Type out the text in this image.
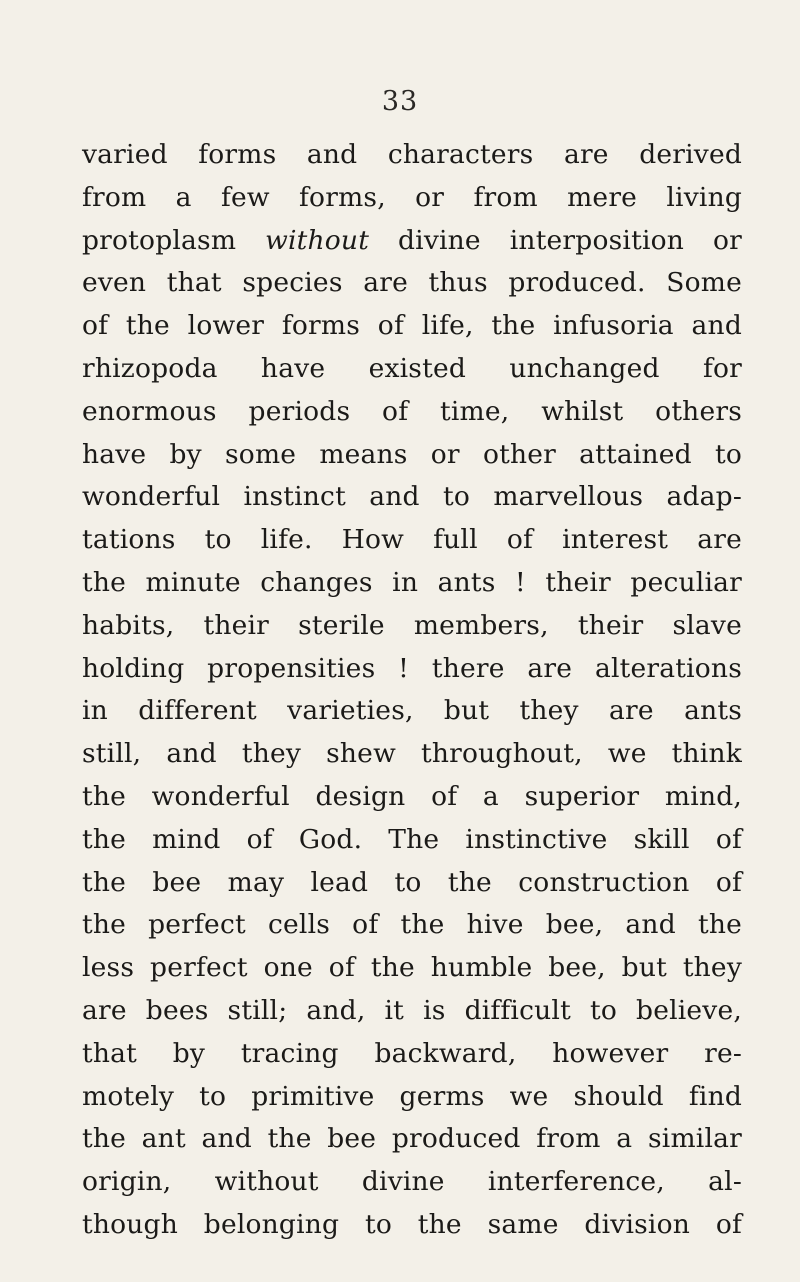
33
varied forms and characters are derived
from a few forms, or from mere living
protoplasm without divine interposition or
even that species are thus produced. Some
of the lower forms of life, the infusoria and
rhizopoda have existed unchanged for
enormous periods of time, whilst others
have by some means or other attained to
wonderful instinct and to marvellous adap-
tations to life. How full of interest are
the minute changes in ants ! their peculiar
habits, their sterile members, their slave
holding propensities ! there are alterations
in different varieties, but they are ants
still, and they shew throughout, we think
the wonderful design of a superior mind,
the mind of God. The instinctive skill of
the bee may lead to the construction of
the perfect cells of the hive bee, and the
less perfect one of the humble bee, but they
are bees still; and, it is difficult to believe,
that by tracing backward, however re-
motely to primitive germs we should find
the ant and the bee produced from a similar
origin, without divine interference, al-
though belonging to the same division of
